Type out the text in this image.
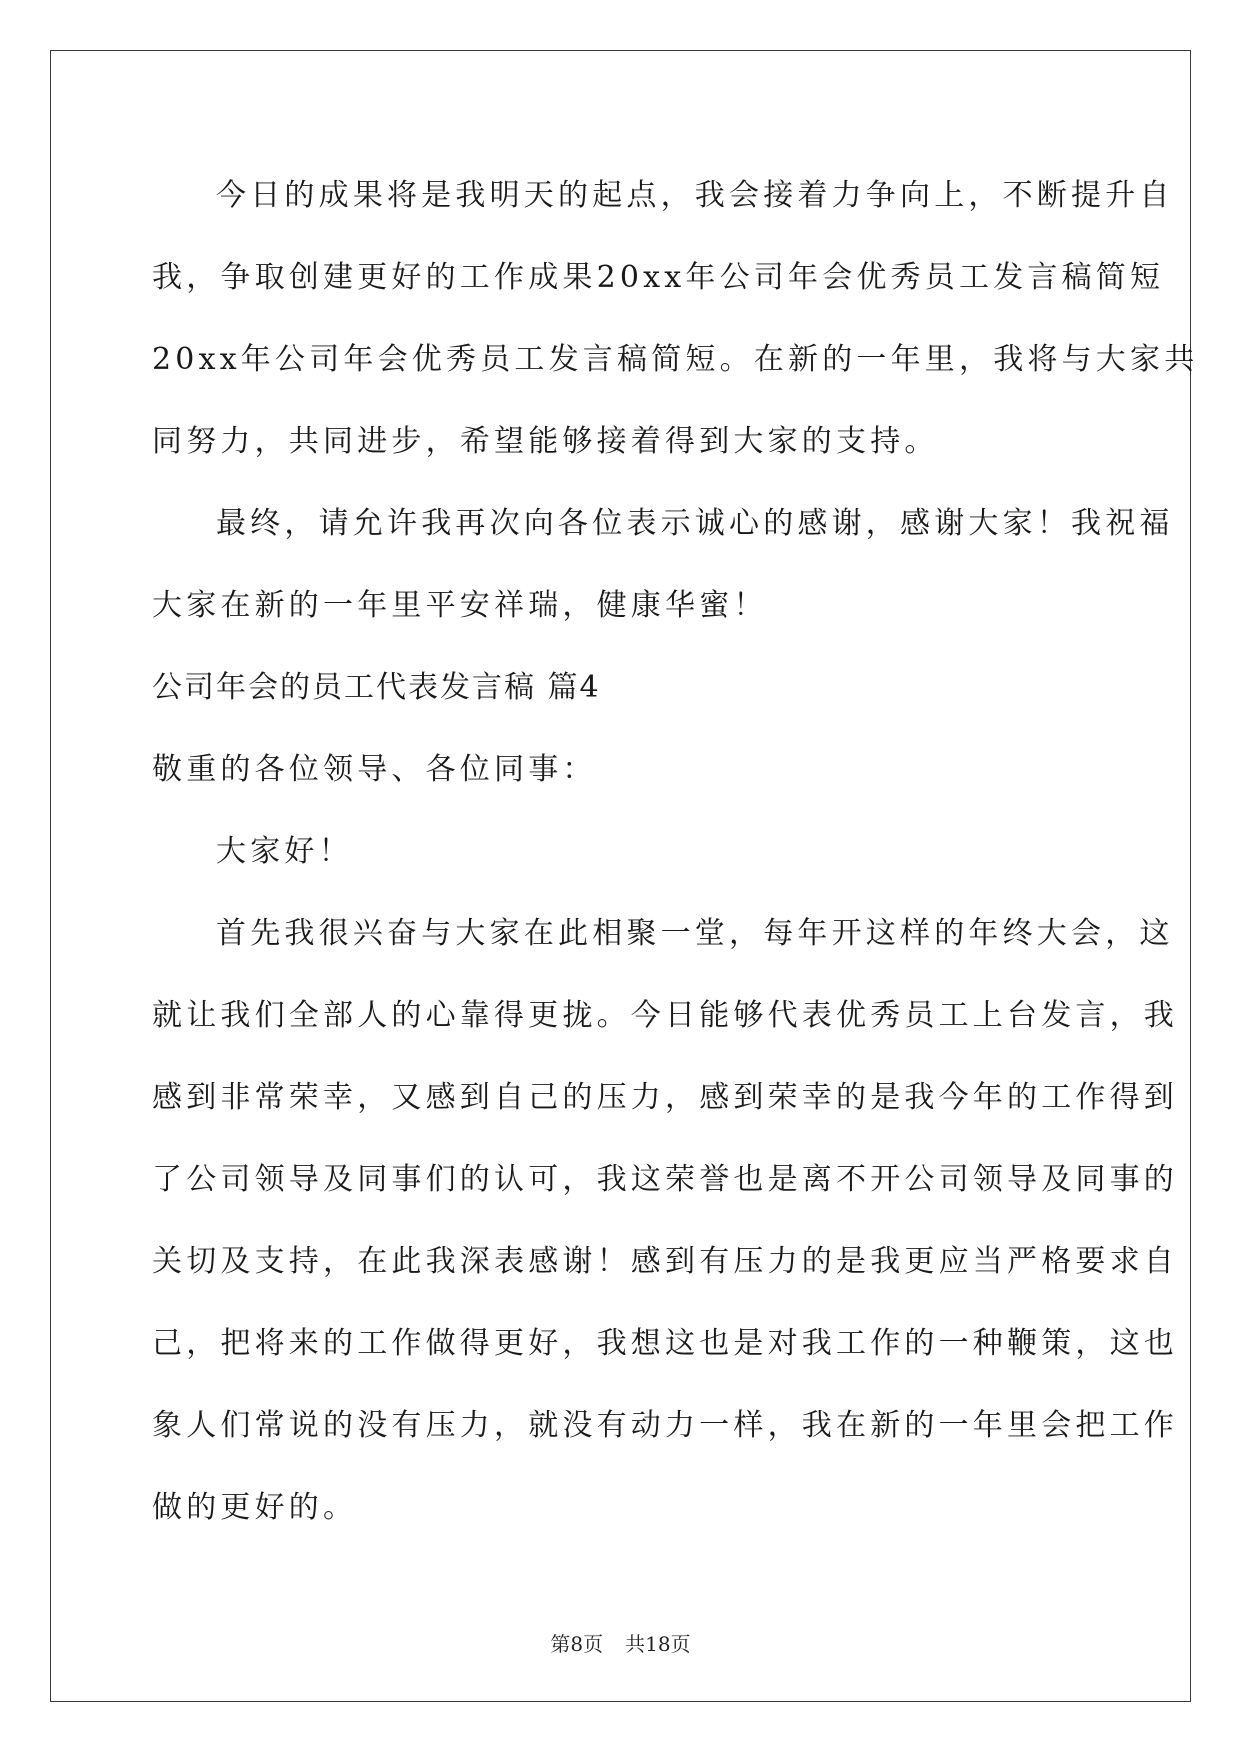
今日的成果将是我明天的起点，我会接着力争向上，不断提升自
我，争取创建更好的工作成果20xx年公司年会优秀员工发言稿简短
20xx年公司年会优秀员工发言稿简短。在新的一年里，我将与大家共
同努力，共同进步，希望能够接着得到大家的支持。
最终，请允许我再次向各位表示诚心的感谢，感谢大家！我祝福
大家在新的一年里平安祥瑞，健康华蜜！
公司年会的员工代表发言稿 篇4
敬重的各位领导、各位同事：
大家好！
首先我很兴奋与大家在此相聚一堂，每年开这样的年终大会，这
就让我们全部人的心靠得更拢。今日能够代表优秀员工上台发言，我
感到非常荣幸，又感到自己的压力，感到荣幸的是我今年的工作得到
了公司领导及同事们的认可，我这荣誉也是离不开公司领导及同事的
关切及支持，在此我深表感谢！感到有压力的是我更应当严格要求自
己，把将来的工作做得更好，我想这也是对我工作的一种鞭策，这也
象人们常说的没有压力，就没有动力一样，我在新的一年里会把工作
做的更好的。
第8页 共18页
